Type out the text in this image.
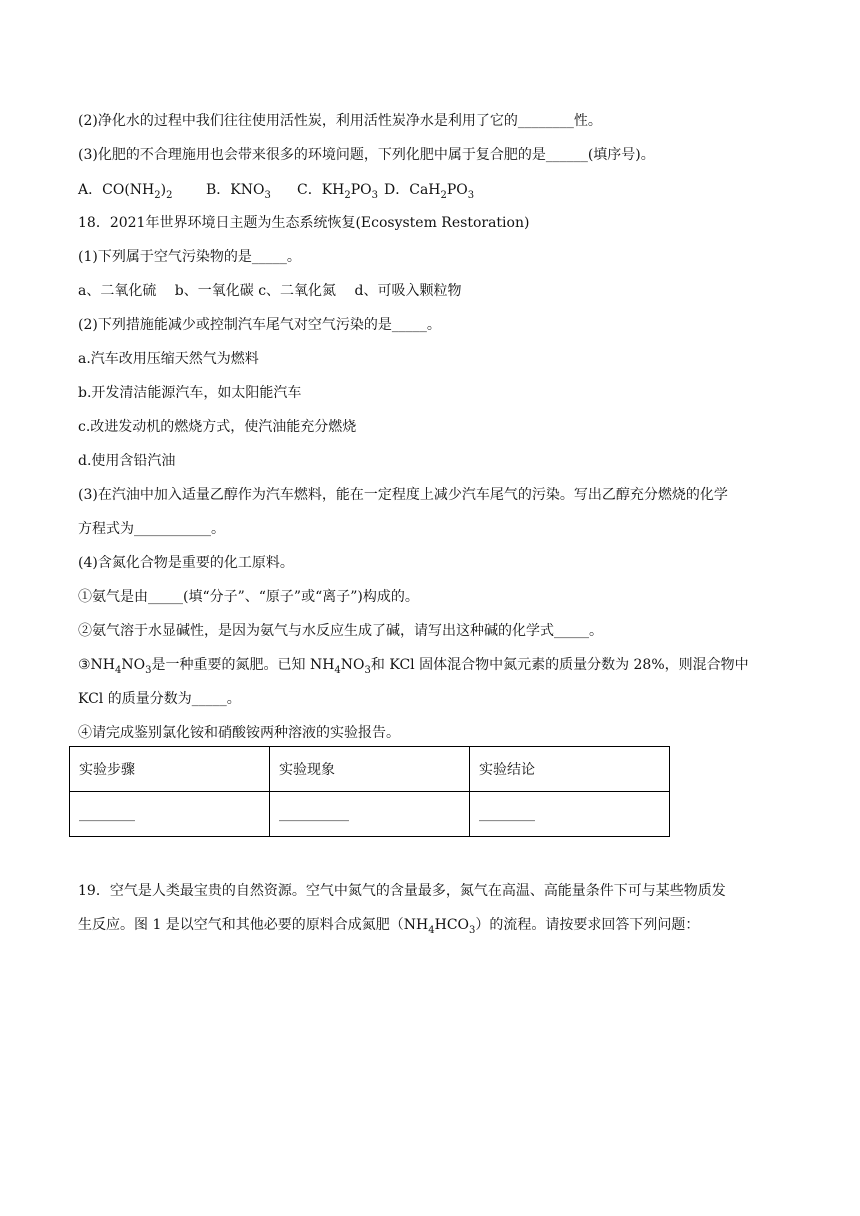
(2)净化水的过程中我们往往使用活性炭，利用活性炭净水是利用了它的________性。
(3)化肥的不合理施用也会带来很多的环境问题，下列化肥中属于复合肥的是______(填序号)。
A．$CO(NH_2)_2$ B．$KNO_3$ C．$KH_2PO_3$ D．$CaH_2PO_3$
18．2021年世界环境日主题为生态系统恢复(Ecosystem Restoration)
(1)下列属于空气污染物的是_____。
a、二氧化硫　 b、一氧化碳 c、二氧化氮　 d、可吸入颗粒物
(2)下列措施能减少或控制汽车尾气对空气污染的是_____。
a.汽车改用压缩天然气为燃料
b.开发清洁能源汽车，如太阳能汽车
c.改进发动机的燃烧方式，使汽油能充分燃烧
d.使用含铅汽油
(3)在汽油中加入适量乙醇作为汽车燃料，能在一定程度上减少汽车尾气的污染。写出乙醇充分燃烧的化学
方程式为___________。
(4)含氮化合物是重要的化工原料。
①氨气是由_____(填“分子”、“原子”或“离子”)构成的。
②氨气溶于水显碱性，是因为氨气与水反应生成了碱，请写出这种碱的化学式_____。
$③NH_4NO_3$是一种重要的氮肥。已知 $NH_4NO_3$和 KCl 固体混合物中氮元素的质量分数为 28%，则混合物中
KCl 的质量分数为_____。
④请完成鉴别氯化铵和硝酸铵两种溶液的实验报告。
实验步骤	实验现象	实验结论
________	__________	________
19．空气是人类最宝贵的自然资源。空气中氮气的含量最多，氮气在高温、高能量条件下可与某些物质发
生反应。图 1 是以空气和其他必要的原料合成氮肥$(NH_4HCO_3)$的流程。请按要求回答下列问题：
